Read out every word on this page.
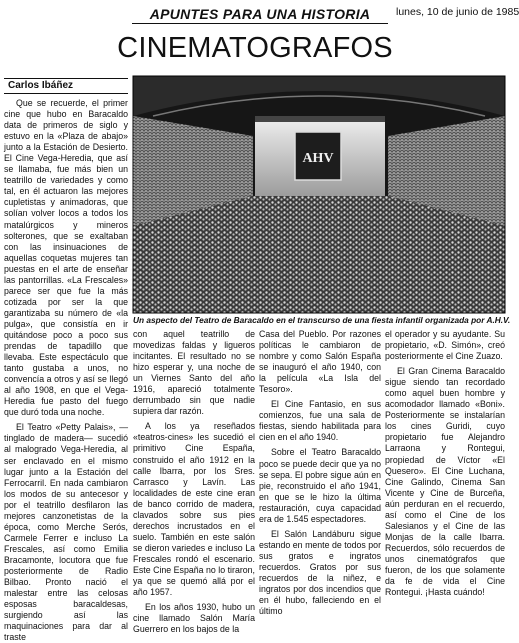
APUNTES PARA UNA HISTORIA	lunes, 10 de junio de 1985
CINEMATOGRAFOS
Carlos Ibáñez

Que se recuerde, el primer cine que hubo en Baracaldo data de primeros de siglo y estuvo en la «Plaza de abajo» junto a la Estación de Desierto. El Cine Vega-Heredia, que así se llamaba, fue más bien un teatrillo de variedades y como tal, en él actuaron las mejores cupletistas y animadoras, que solían volver locos a todos los matalúrgicos y mineros solterones, que se exaltaban con las insinuaciones de aquellas coquetas mujeres tan puestas en el arte de enseñar las pantorrillas. «La Frescales» parece ser que fue la más cotizada por ser la que garantizaba su número de «la pulga», que consistía en ir quitándose poco a poco sus prendas de tapadillo que llevaba. Este espectáculo que tanto gustaba a unos, no convencía a otros y así se llegó al año 1908, en que el Vega-Heredia fue pasto del fuego que duró toda una noche.

El Teatro «Petty Palais», —tinglado de madera— sucedió al malogrado Vega-Heredia, al ser enclavado en el mismo lugar junto a la Estación del Ferrocarril. En nada cambiaron los modos de su antecesor y por el teatrillo desfilaron las mejores canzonetistas de la época, como Merche Serós, Carmele Ferrer e incluso La Frescales, así como Emilia Bracamonte, locutora que fue posteriormente de Radio Bilbao. Pronto nació el malestar entre las celosas esposas baracaldesas, surgiendo así las maquinaciones para dar al traste

AHV
Un aspecto del Teatro de Baracaldo en el transcurso de una fiesta infantil organizada por A.H.V.

con aquel teatrillo de movedizas faldas y ligueros incitantes. El resultado no se hizo esperar y, una noche de un Viernes Santo del año 1916, apareció totalmente derrumbado sin que nadie supiera dar razón.

A los ya reseñados «teatros-cines» les sucedió el primitivo Cine España, construido el año 1912 en la calle Ibarra, por los Sres. Carrasco y Lavín. Las localidades de este cine eran de banco corrido de madera, clavados sobre sus pies derechos incrustados en el suelo. También en este salón se dieron variedes e incluso La Frescales rondó el escenario. Este Cine España no lo tiraron, ya que se quemó allá por el año 1957.

En los años 1930, hubo un cine llamado Salón María Guerrero en los bajos de la

Casa del Pueblo. Por razones políticas le cambiaron de nombre y como Salón España se inauguró el año 1940, con la película «La Isla del Tesoro».

El Cine Fantasio, en sus comienzos, fue una sala de fiestas, siendo habilitada para cien en el año 1940.

Sobre el Teatro Baracaldo poco se puede decir que ya no se sepa. El pobre sigue aún en pie, reconstruido el año 1941, en que se le hizo la última restauración, cuya capacidad era de 1.545 espectadores.

El Salón Landáburu sigue estando en mente de todos por sus gratos e ingratos recuerdos. Gratos por sus recuerdos de la niñez, e ingratos por dos incendios que en él hubo, falleciendo en el último

el operador y su ayudante. Su propietario, «D. Simón», creó posteriormente el Cine Zuazo.

El Gran Cinema Baracaldo sigue siendo tan recordado como aquel buen hombre y acomodador llamado «Boni». Posteriormente se instalarían los cines Guridi, cuyo propietario fue Alejandro Larraona y Rontegui, propiedad de Víctor «El Quesero». El Cine Luchana, Cine Galindo, Cinema San Vicente y Cine de Burceña, aún perduran en el recuerdo, así como el Cine de los Salesianos y el Cine de las Monjas de la calle Ibarra. Recuerdos, sólo recuerdos de unos cinematógrafos que fueron, de los que solamente da fe de vida el Cine Rontegui. ¡Hasta cuándo!
